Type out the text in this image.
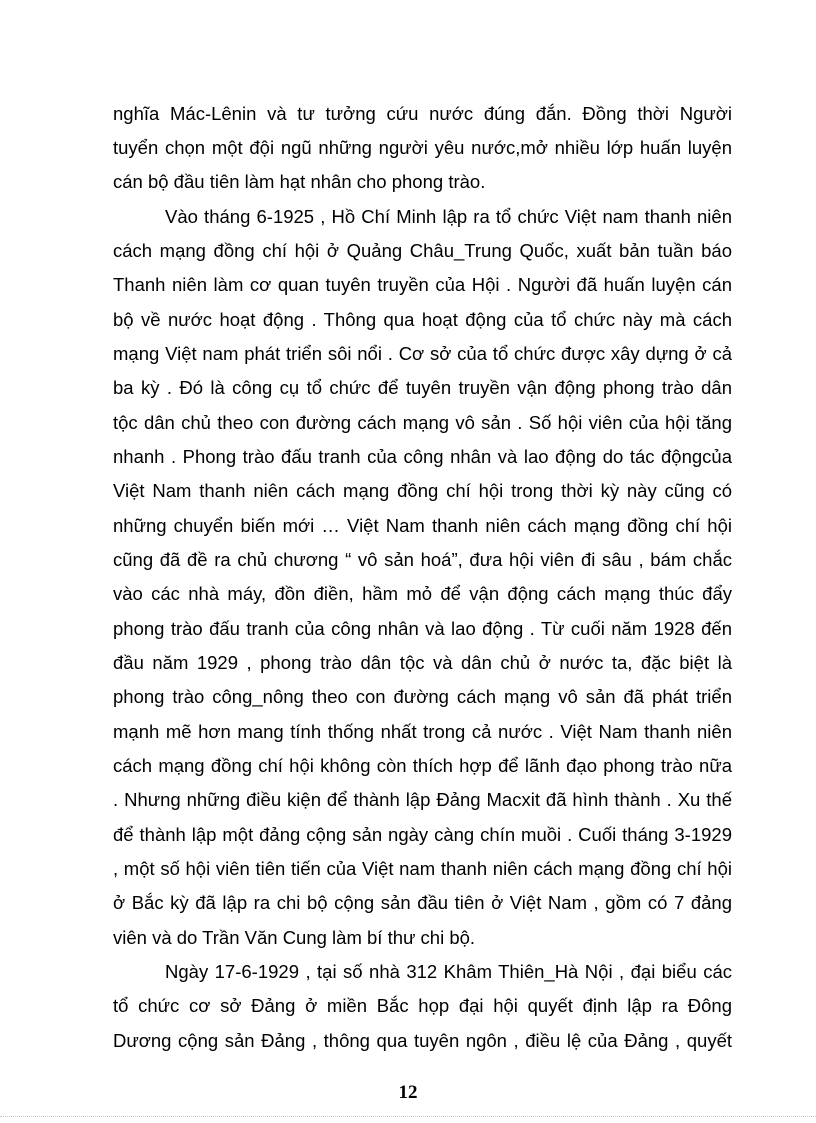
nghĩa Mác-Lênin và tư tưởng cứu nước đúng đắn. Đồng thời Người
tuyển chọn một đội ngũ những người yêu nước,mở nhiều lớp huấn luyện
cán bộ đầu tiên làm hạt nhân cho phong trào.
Vào tháng 6-1925 , Hồ Chí Minh lập ra tổ chức Việt nam thanh niên
cách mạng đồng chí hội ở Quảng Châu_Trung Quốc, xuất bản tuần báo
Thanh niên làm cơ quan tuyên truyền của Hội . Người đã huấn luyện cán
bộ về nước hoạt động . Thông qua hoạt động của tổ chức này mà cách
mạng Việt nam phát triển sôi nổi . Cơ sở của tổ chức được xây dựng ở cả
ba kỳ . Đó là công cụ tổ chức để tuyên truyền vận động phong trào dân
tộc dân chủ theo con đường cách mạng vô sản . Số hội viên của hội tăng
nhanh . Phong trào đấu tranh của công nhân và lao động do tác độngcủa
Việt Nam thanh niên cách mạng đồng chí hội trong thời kỳ này cũng có
những chuyển biến mới … Việt Nam thanh niên cách mạng đồng chí hội
cũng đã đề ra chủ chương “ vô sản hoá”, đưa hội viên đi sâu , bám chắc
vào các nhà máy, đồn điền, hầm mỏ để vận động cách mạng thúc đẩy
phong trào đấu tranh của công nhân và lao động . Từ cuối năm 1928 đến
đầu năm 1929 , phong trào dân tộc và dân chủ ở nước ta, đặc biệt là
phong trào công_nông theo con đường cách mạng vô sản đã phát triển
mạnh mẽ hơn mang tính thống nhất trong cả nước . Việt Nam thanh niên
cách mạng đồng chí hội không còn thích hợp để lãnh đạo phong trào nữa
. Nhưng những điều kiện để thành lập Đảng Macxit đã hình thành . Xu thế
để thành lập một đảng cộng sản ngày càng chín muồi . Cuối tháng 3-1929
, một số hội viên tiên tiến của Việt nam thanh niên cách mạng đồng chí hội
ở Bắc kỳ đã lập ra chi bộ cộng sản đầu tiên ở Việt Nam , gồm có 7 đảng
viên và do Trần Văn Cung làm bí thư chi bộ.
Ngày 17-6-1929 , tại số nhà 312 Khâm Thiên_Hà Nội , đại biểu các
tổ chức cơ sở Đảng ở miền Bắc họp đại hội quyết định lập ra Đông
Dương cộng sản Đảng , thông qua tuyên ngôn , điều lệ của Đảng , quyết
12
